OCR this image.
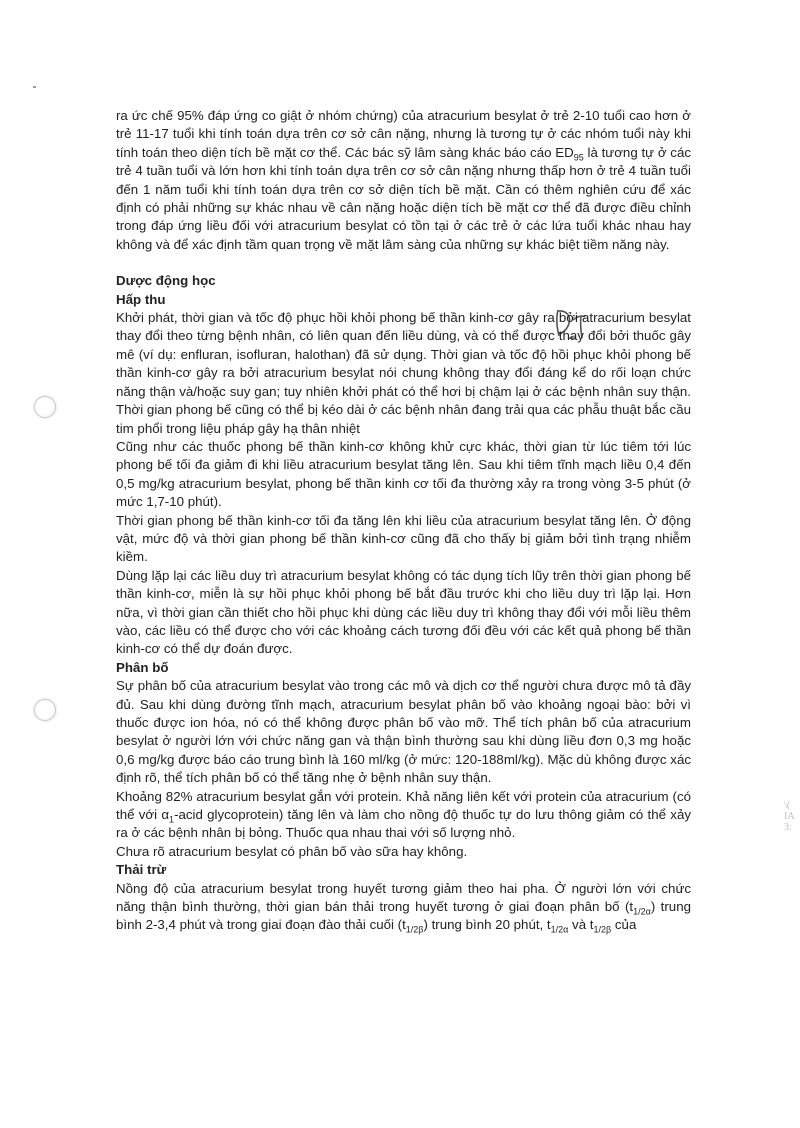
\(
IA
3:

ra ức chế 95% đáp ứng co giật ở nhóm chứng) của atracurium besylat ở trẻ 2-10 tuổi cao hơn ở trẻ 11-17 tuổi khi tính toán dựa trên cơ sở cân nặng, nhưng là tương tự ở các nhóm tuổi này khi tính toán theo diện tích bề mặt cơ thể. Các bác sỹ lâm sàng khác báo cáo $ED_{95}$ là tương tự ở các trẻ 4 tuần tuổi và lớn hơn khi tính toán dựa trên cơ sở cân nặng nhưng thấp hơn ở trẻ 4 tuần tuổi đến 1 năm tuổi khi tính toán dựa trên cơ sở diện tích bề mặt. Cần có thêm nghiên cứu để xác định có phải những sự khác nhau về cân nặng hoặc diện tích bề mặt cơ thể đã được điều chỉnh trong đáp ứng liều đối với atracurium besylat có tồn tại ở các trẻ ở các lứa tuổi khác nhau hay không và để xác định tầm quan trọng về mặt lâm sàng của những sự khác biệt tiềm năng này.

Dược động học
Hấp thu

Khởi phát, thời gian và tốc độ phục hồi khỏi phong bế thần kinh-cơ gây ra bởi atracurium besylat thay đổi theo từng bệnh nhân, có liên quan đến liều dùng, và có thể được thay đổi bởi thuốc gây mê (ví dụ: enfluran, isofluran, halothan) đã sử dụng. Thời gian và tốc độ hồi phục khỏi phong bế thần kinh-cơ gây ra bởi atracurium besylat nói chung không thay đổi đáng kể do rối loạn chức năng thận và/hoặc suy gan; tuy nhiên khởi phát có thể hơi bị chậm lại ở các bệnh nhân suy thận. Thời gian phong bế cũng có thể bị kéo dài ở các bệnh nhân đang trải qua các phẫu thuật bắc cầu tim phổi trong liệu pháp gây hạ thân nhiệt

Cũng như các thuốc phong bế thần kinh-cơ không khử cực khác, thời gian từ lúc tiêm tới lúc phong bế tối đa giảm đi khi liều atracurium besylat tăng lên. Sau khi tiêm tĩnh mạch liều 0,4 đến 0,5 mg/kg atracurium besylat, phong bế thần kinh cơ tối đa thường xảy ra trong vòng 3-5 phút (ở mức 1,7-10 phút).

Thời gian phong bế thần kinh-cơ tối đa tăng lên khi liều của atracurium besylat tăng lên. Ở động vật, mức độ và thời gian phong bế thần kinh-cơ cũng đã cho thấy bị giảm bởi tình trạng nhiễm kiềm.

Dùng lặp lại các liều duy trì atracurium besylat không có tác dụng tích lũy trên thời gian phong bế thần kinh-cơ, miễn là sự hồi phục khỏi phong bế bắt đầu trước khi cho liều duy trì lặp lại. Hơn nữa, vì thời gian cần thiết cho hồi phục khi dùng các liều duy trì không thay đổi với mỗi liều thêm vào, các liều có thể được cho với các khoảng cách tương đối đều với các kết quả phong bế thần kinh-cơ có thể dự đoán được.

Phân bố

Sự phân bố của atracurium besylat vào trong các mô và dịch cơ thể người chưa được mô tả đầy đủ. Sau khi dùng đường tĩnh mạch, atracurium besylat phân bố vào khoảng ngoại bào: bởi vì thuốc được ion hóa, nó có thể không được phân bố vào mỡ. Thể tích phân bố của atracurium besylat ở người lớn với chức năng gan và thận bình thường sau khi dùng liều đơn 0,3 mg hoặc 0,6 mg/kg được báo cáo trung bình là 160 ml/kg (ở mức: 120-188ml/kg). Mặc dù không được xác định rõ, thể tích phân bố có thể tăng nhẹ ở bệnh nhân suy thận.

Khoảng 82% atracurium besylat gắn với protein. Khả năng liên kết với protein của atracurium (có thể với $\alpha_1$-acid glycoprotein) tăng lên và làm cho nồng độ thuốc tự do lưu thông giảm có thể xảy ra ở các bệnh nhân bị bỏng. Thuốc qua nhau thai với số lượng nhỏ.

Chưa rõ atracurium besylat có phân bố vào sữa hay không.

Thải trừ

Nồng độ của atracurium besylat trong huyết tương giảm theo hai pha. Ở người lớn với chức năng thận bình thường, thời gian bán thải trong huyết tương ở giai đoạn phân bố $(t_{1/2\alpha})$ trung bình 2-3,4 phút và trong giai đoạn đào thải cuối $(t_{1/2\beta})$ trung bình 20 phút, $t_{1/2\alpha}$ và $t_{1/2\beta}$ của
